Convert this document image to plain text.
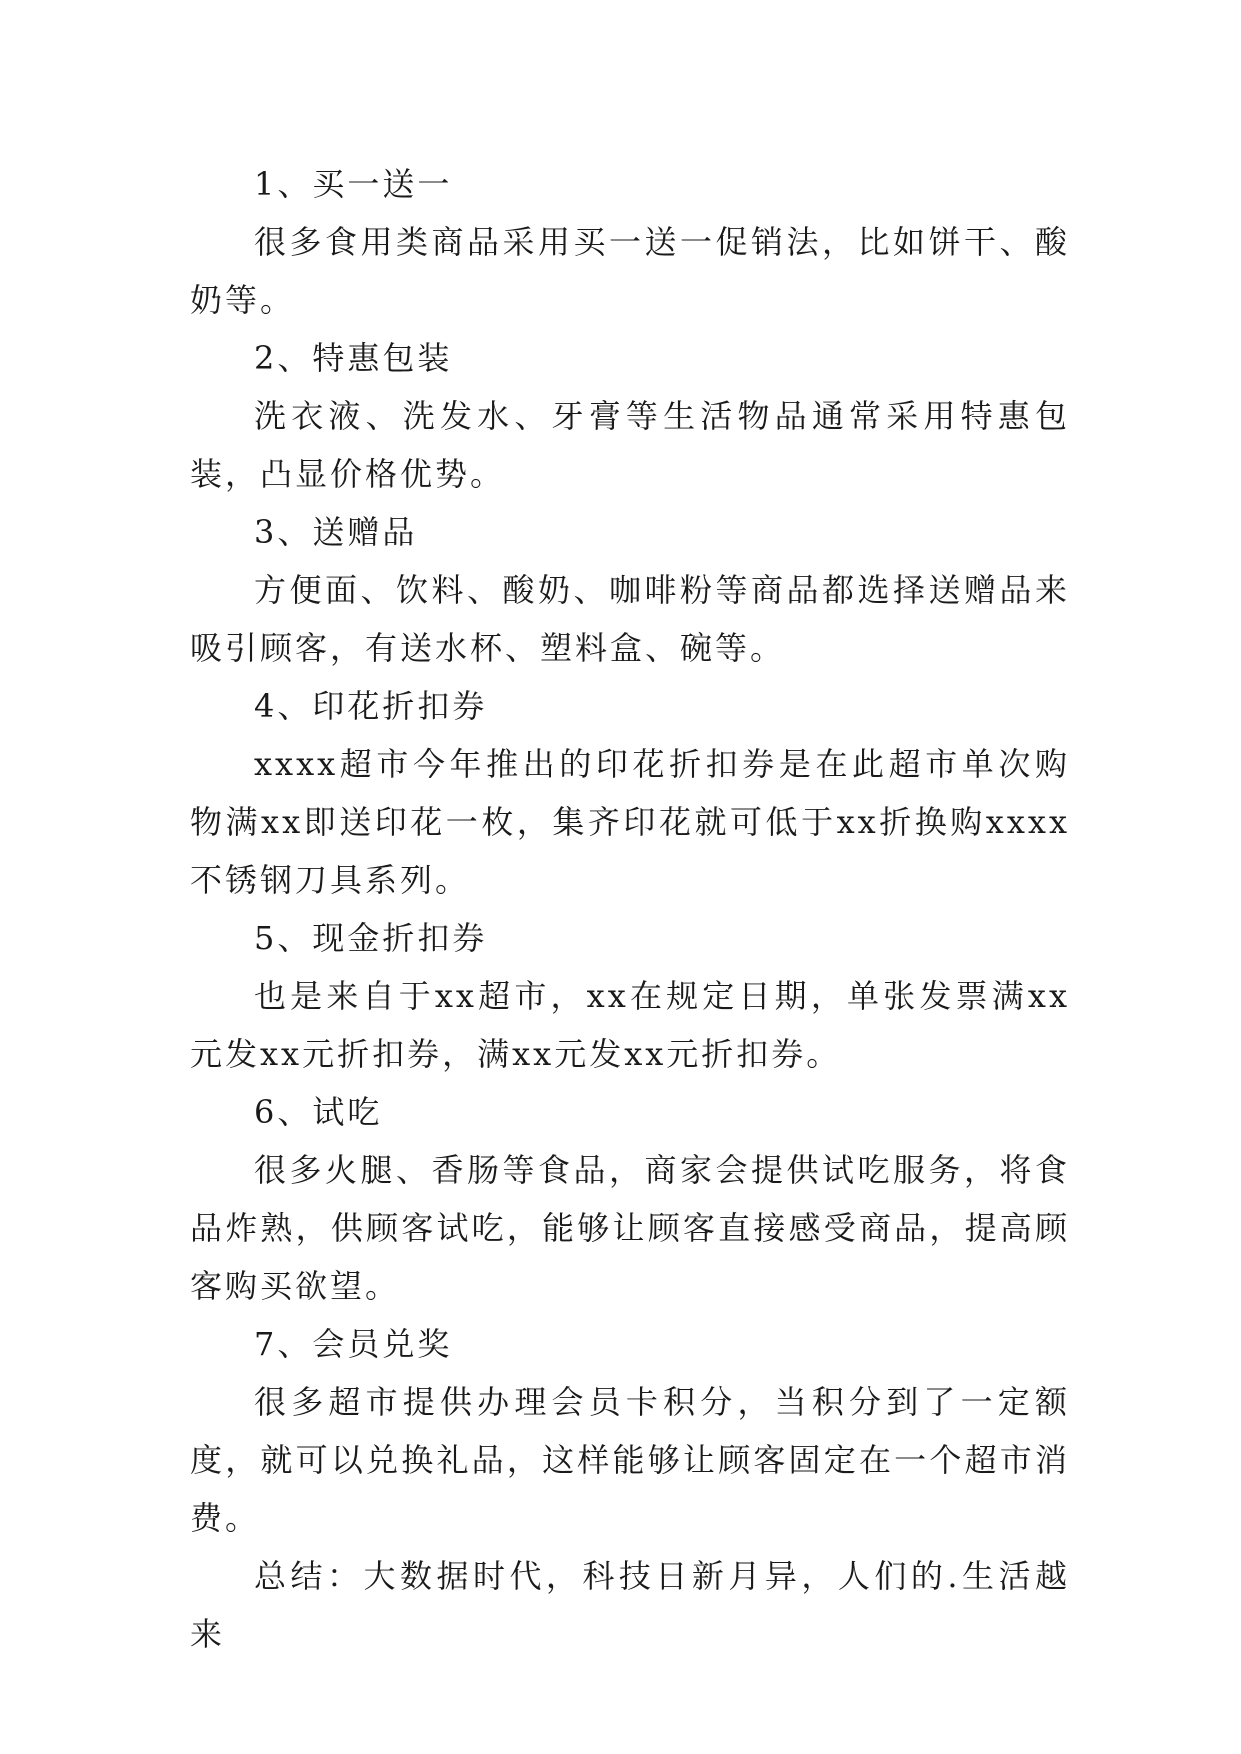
1、买一送一

很多食用类商品采用买一送一促销法，比如饼干、酸奶等。

2、特惠包装

洗衣液、洗发水、牙膏等生活物品通常采用特惠包装，凸显价格优势。

3、送赠品

方便面、饮料、酸奶、咖啡粉等商品都选择送赠品来吸引顾客，有送水杯、塑料盒、碗等。

4、印花折扣券

xxxx超市今年推出的印花折扣券是在此超市单次购物满xx即送印花一枚，集齐印花就可低于xx折换购xxxx不锈钢刀具系列。

5、现金折扣券

也是来自于xx超市，xx在规定日期，单张发票满xx元发xx元折扣券，满xx元发xx元折扣券。

6、试吃

很多火腿、香肠等食品，商家会提供试吃服务，将食品炸熟，供顾客试吃，能够让顾客直接感受商品，提高顾客购买欲望。

7、会员兑奖

很多超市提供办理会员卡积分，当积分到了一定额度，就可以兑换礼品，这样能够让顾客固定在一个超市消费。

总结：大数据时代，科技日新月异，人们的.生活越来
